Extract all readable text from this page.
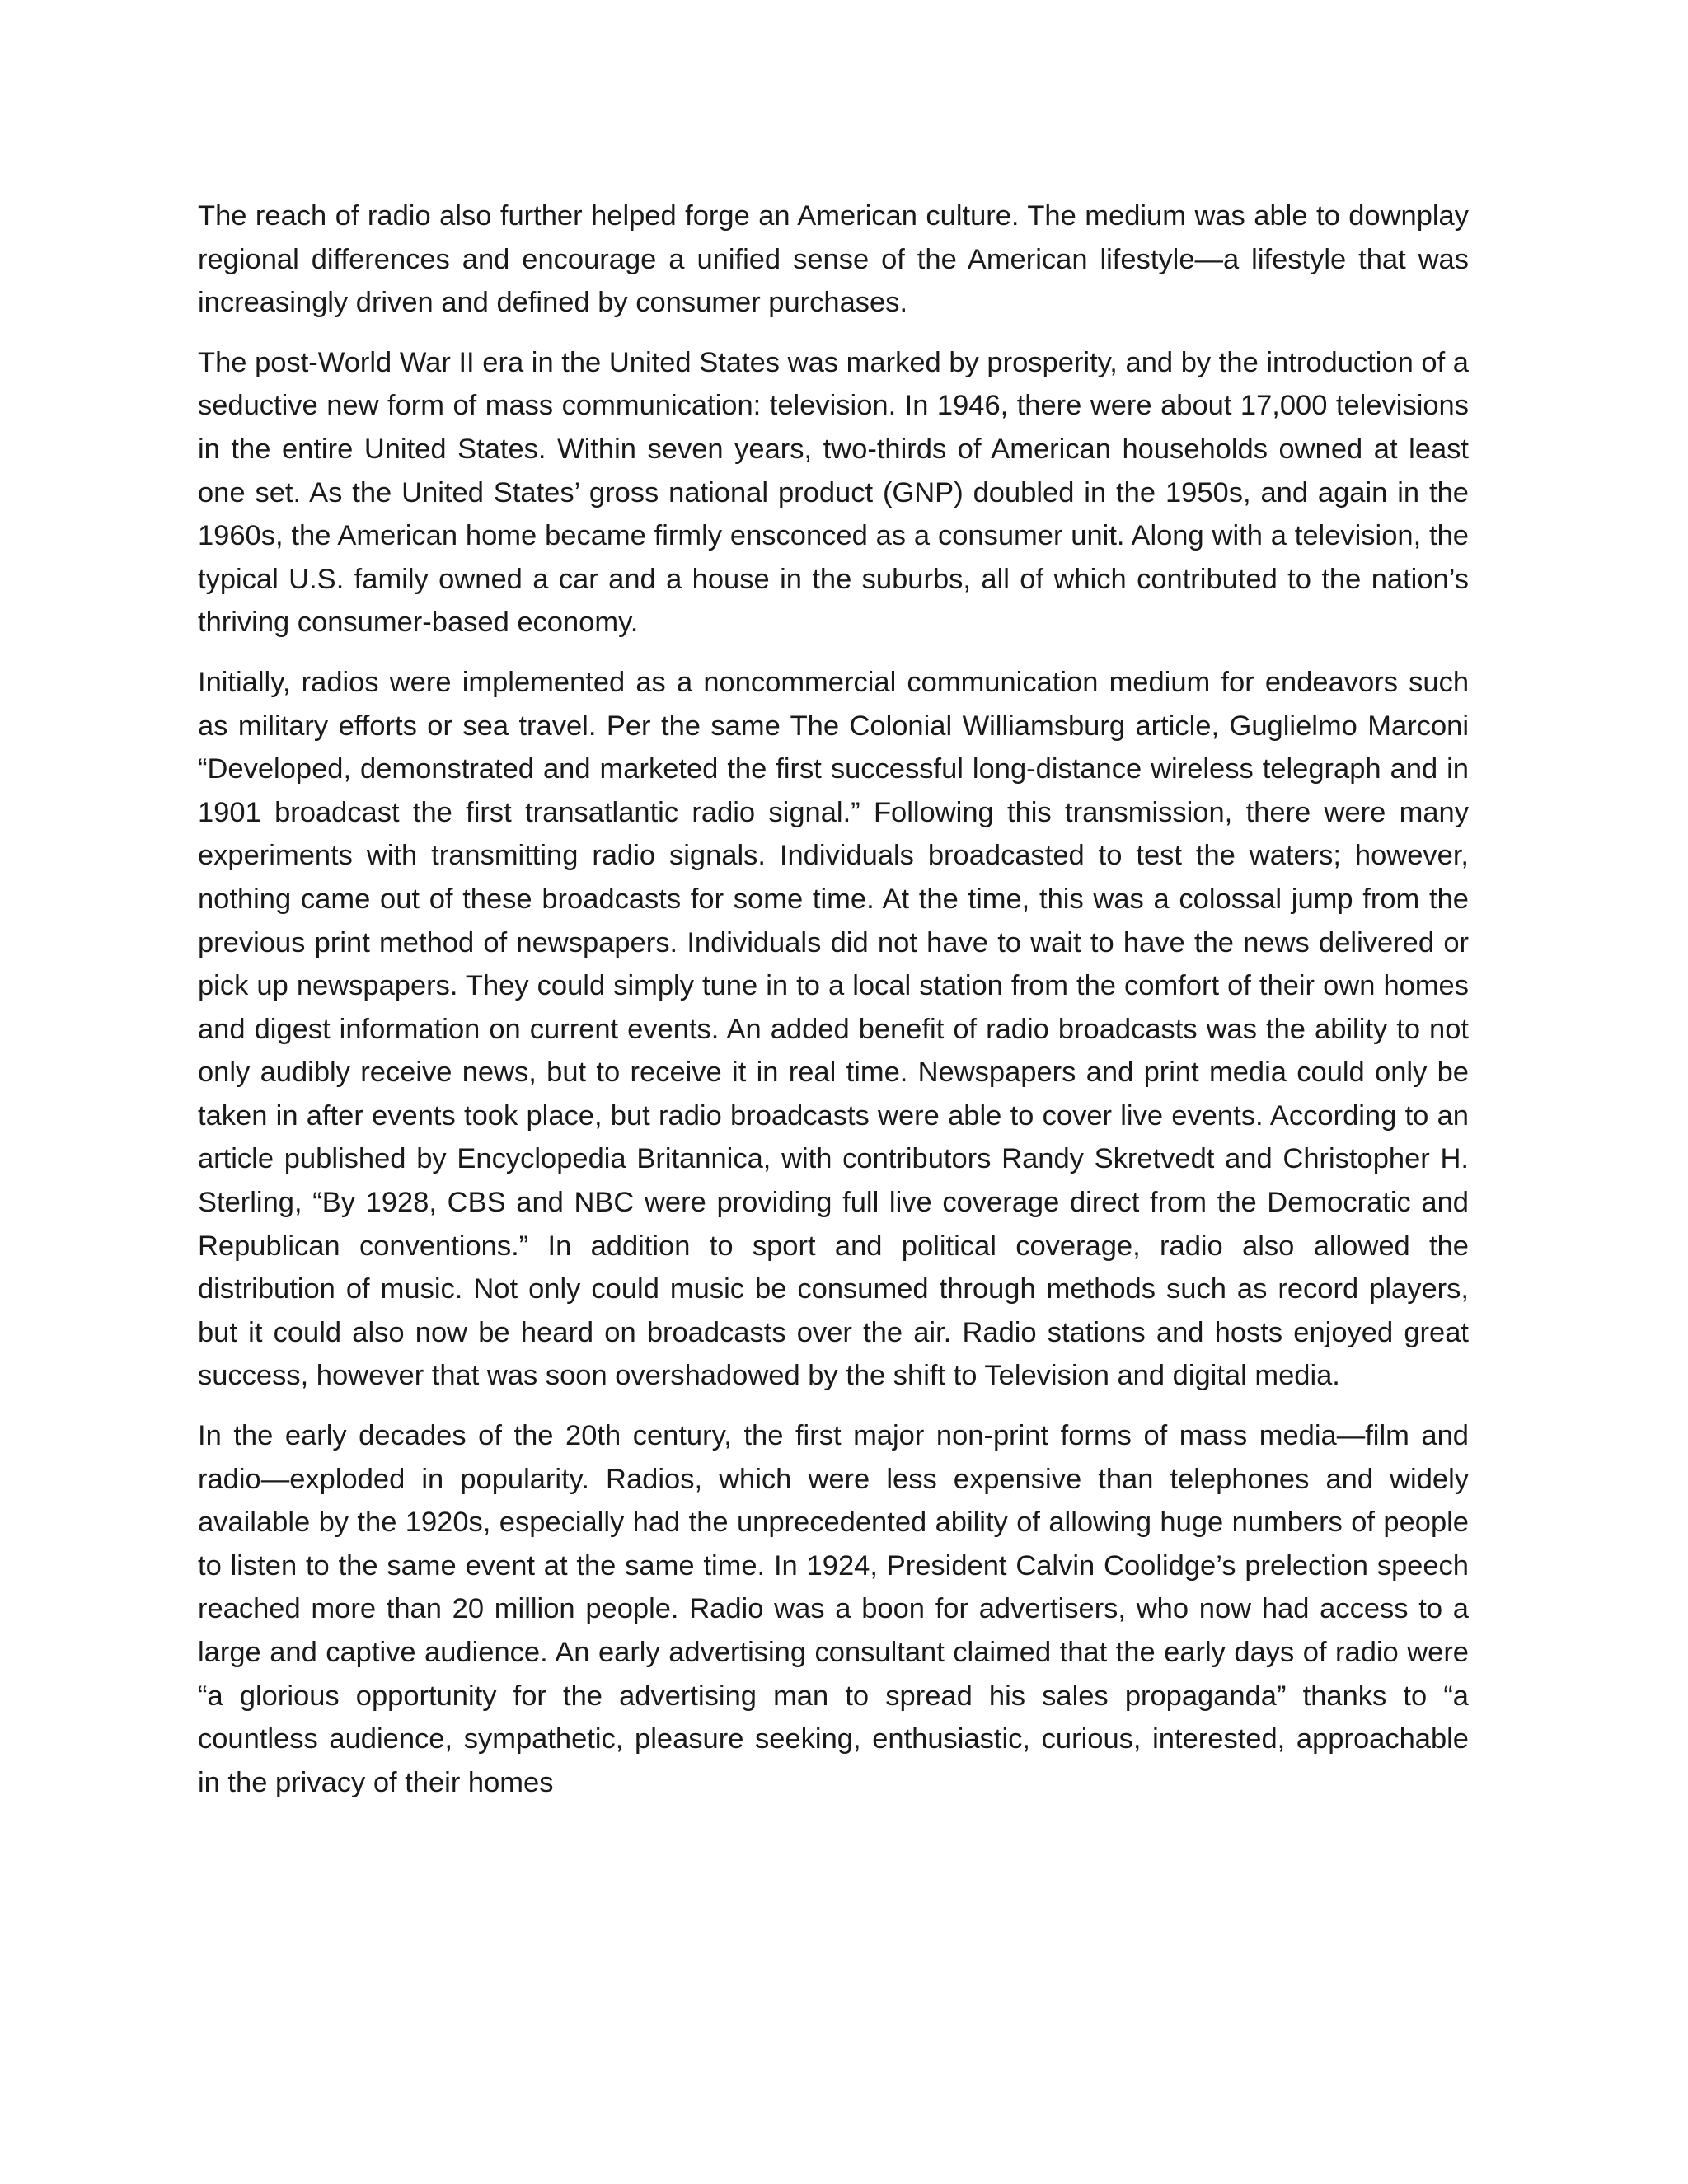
The reach of radio also further helped forge an American culture. The medium was able to downplay regional differences and encourage a unified sense of the American lifestyle—a lifestyle that was increasingly driven and defined by consumer purchases.

The post-World War II era in the United States was marked by prosperity, and by the introduction of a seductive new form of mass communication: television. In 1946, there were about 17,000 televisions in the entire United States. Within seven years, two-thirds of American households owned at least one set. As the United States’ gross national product (GNP) doubled in the 1950s, and again in the 1960s, the American home became firmly ensconced as a consumer unit. Along with a television, the typical U.S. family owned a car and a house in the suburbs, all of which contributed to the nation’s thriving consumer-based economy.

Initially, radios were implemented as a noncommercial communication medium for endeavors such as military efforts or sea travel. Per the same The Colonial Williamsburg article, Guglielmo Marconi “Developed, demonstrated and marketed the first successful long-distance wireless telegraph and in 1901 broadcast the first transatlantic radio signal.” Following this transmission, there were many experiments with transmitting radio signals. Individuals broadcasted to test the waters; however, nothing came out of these broadcasts for some time. At the time, this was a colossal jump from the previous print method of newspapers. Individuals did not have to wait to have the news delivered or pick up newspapers. They could simply tune in to a local station from the comfort of their own homes and digest information on current events. An added benefit of radio broadcasts was the ability to not only audibly receive news, but to receive it in real time. Newspapers and print media could only be taken in after events took place, but radio broadcasts were able to cover live events. According to an article published by Encyclopedia Britannica, with contributors Randy Skretvedt and Christopher H. Sterling, “By 1928, CBS and NBC were providing full live coverage direct from the Democratic and Republican conventions.” In addition to sport and political coverage, radio also allowed the distribution of music. Not only could music be consumed through methods such as record players, but it could also now be heard on broadcasts over the air. Radio stations and hosts enjoyed great success, however that was soon overshadowed by the shift to Television and digital media.

In the early decades of the 20th century, the first major non-print forms of mass media—film and radio—exploded in popularity. Radios, which were less expensive than telephones and widely available by the 1920s, especially had the unprecedented ability of allowing huge numbers of people to listen to the same event at the same time. In 1924, President Calvin Coolidge’s prelection speech reached more than 20 million people. Radio was a boon for advertisers, who now had access to a large and captive audience. An early advertising consultant claimed that the early days of radio were “a glorious opportunity for the advertising man to spread his sales propaganda” thanks to “a countless audience, sympathetic, pleasure seeking, enthusiastic, curious, interested, approachable in the privacy of their homes
